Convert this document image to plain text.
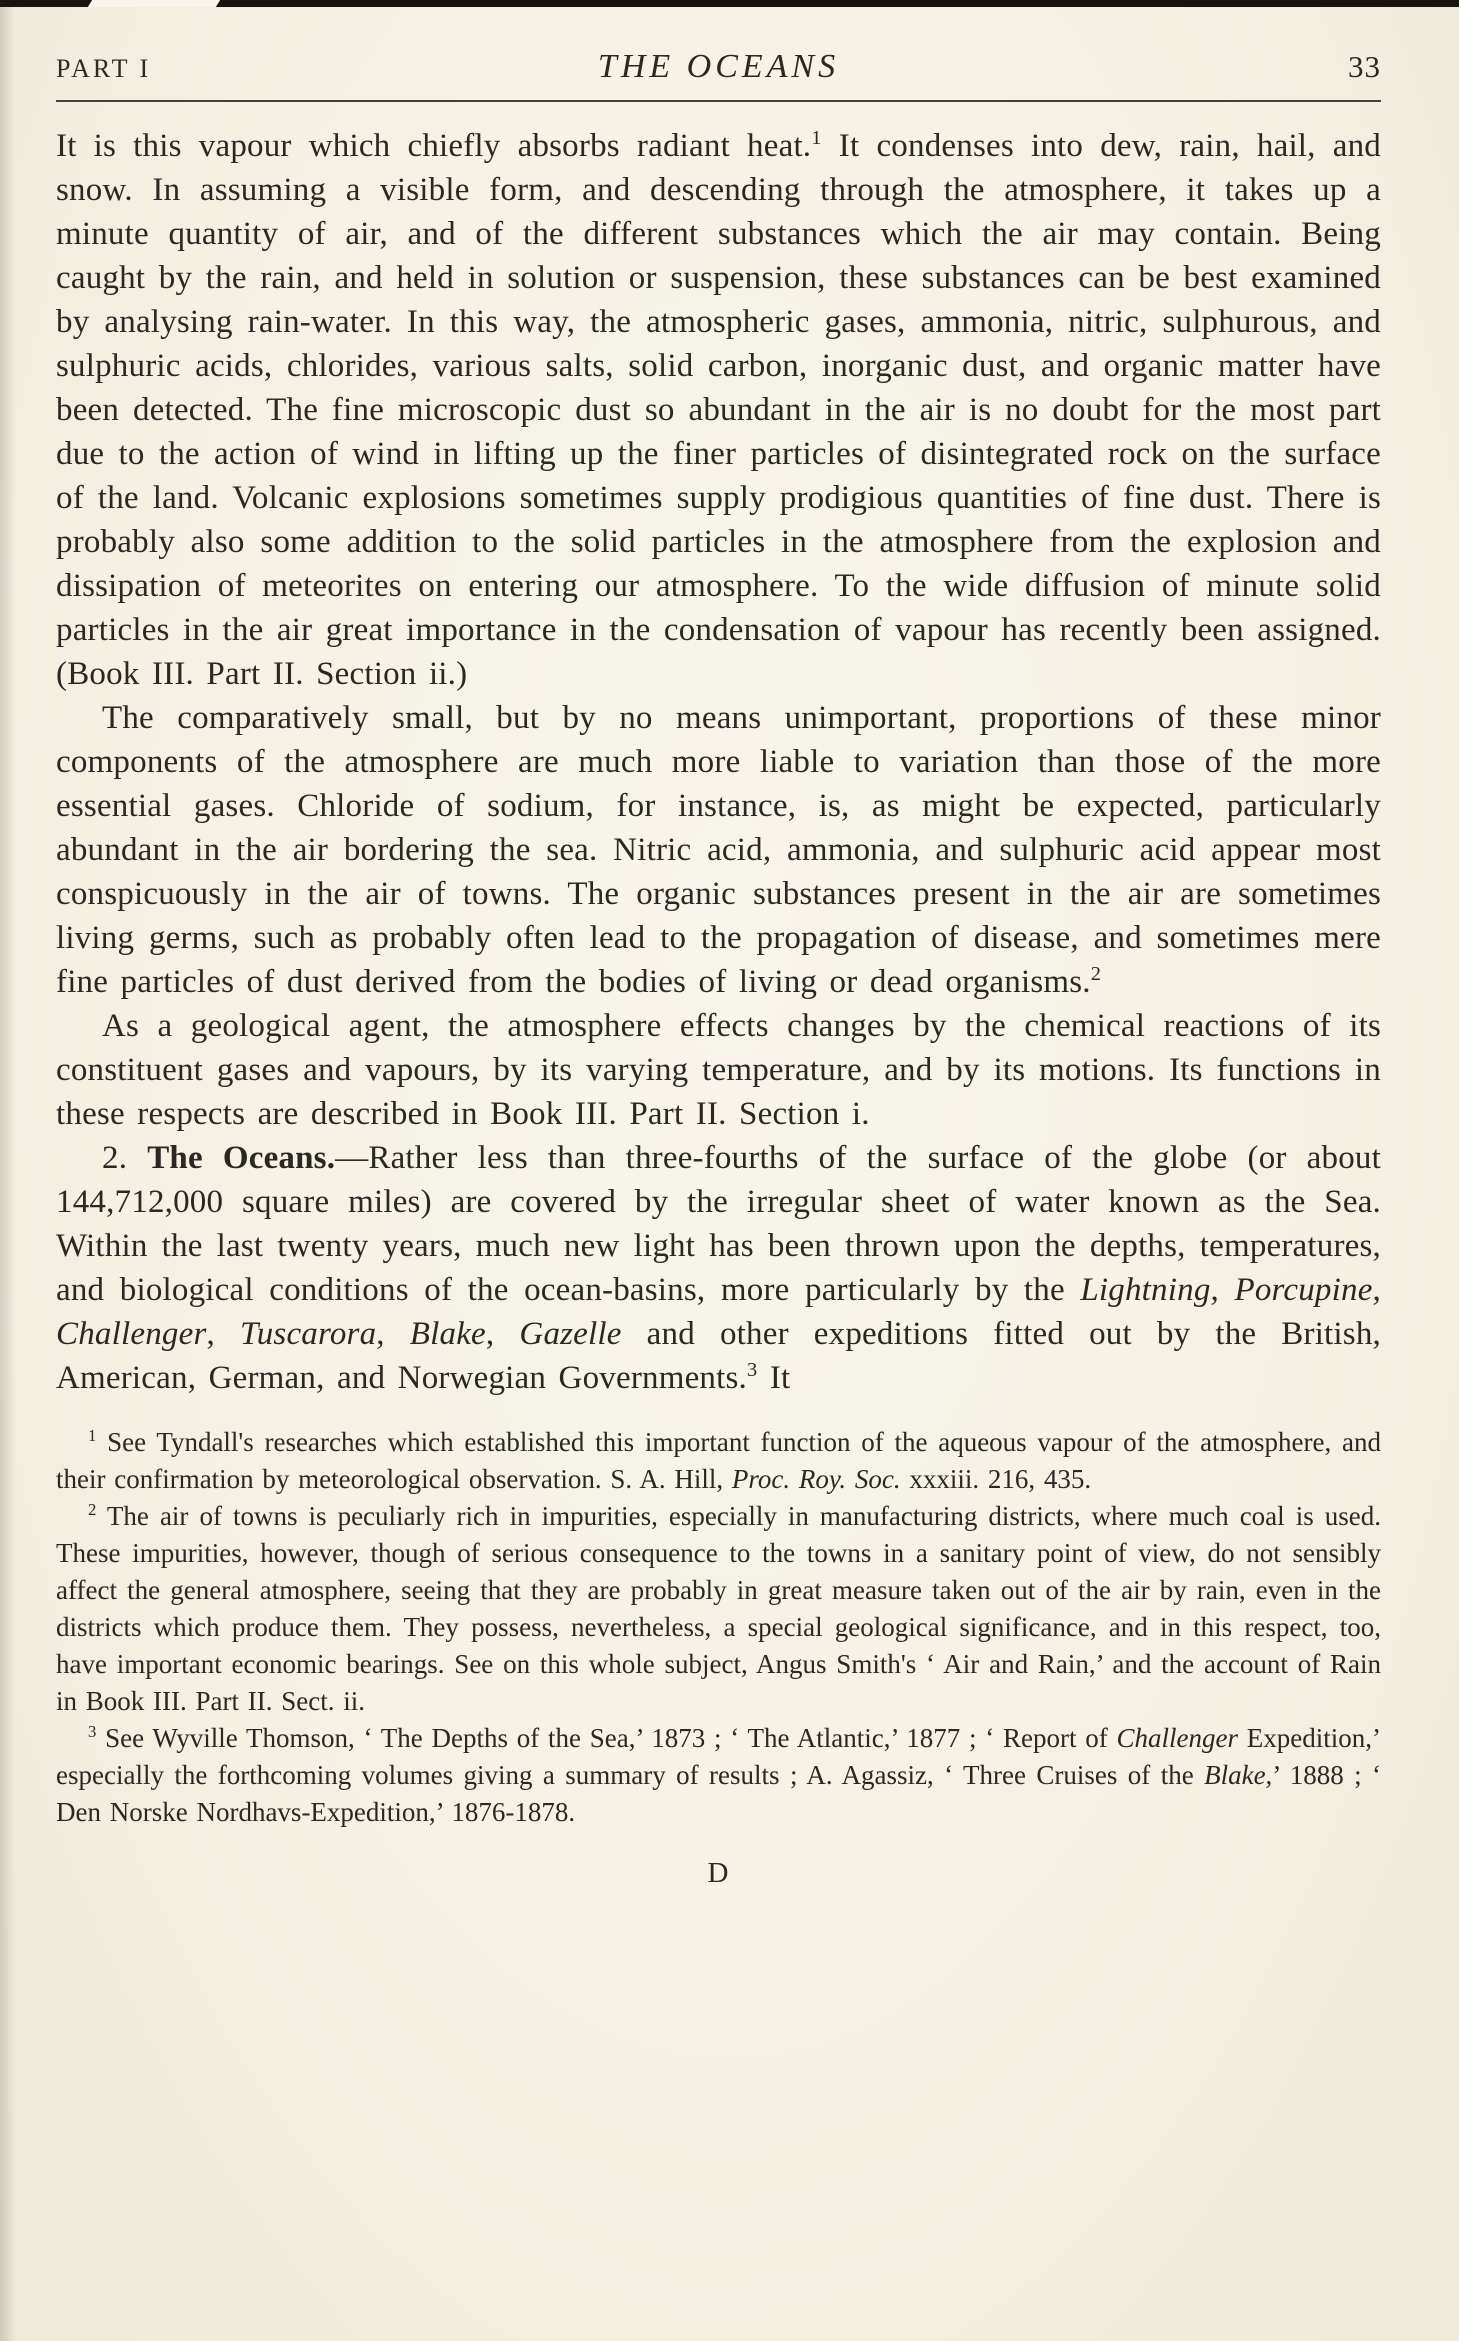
PART I	THE OCEANS	33

It is this vapour which chiefly absorbs radiant heat.$^1$ It condenses into dew, rain, hail, and snow. In assuming a visible form, and descending through the atmosphere, it takes up a minute quantity of air, and of the different substances which the air may contain. Being caught by the rain, and held in solution or suspension, these substances can be best examined by analysing rain-water. In this way, the atmospheric gases, ammonia, nitric, sulphurous, and sulphuric acids, chlorides, various salts, solid carbon, inorganic dust, and organic matter have been detected. The fine microscopic dust so abundant in the air is no doubt for the most part due to the action of wind in lifting up the finer particles of disintegrated rock on the surface of the land. Volcanic explosions sometimes supply prodigious quantities of fine dust. There is probably also some addition to the solid particles in the atmosphere from the explosion and dissipation of meteorites on entering our atmosphere. To the wide diffusion of minute solid particles in the air great importance in the condensation of vapour has recently been assigned. (Book III. Part II. Section ii.)

The comparatively small, but by no means unimportant, proportions of these minor components of the atmosphere are much more liable to variation than those of the more essential gases. Chloride of sodium, for instance, is, as might be expected, particularly abundant in the air bordering the sea. Nitric acid, ammonia, and sulphuric acid appear most conspicuously in the air of towns. The organic substances present in the air are sometimes living germs, such as probably often lead to the propagation of disease, and sometimes mere fine particles of dust derived from the bodies of living or dead organisms.$^2$

As a geological agent, the atmosphere effects changes by the chemical reactions of its constituent gases and vapours, by its varying temperature, and by its motions. Its functions in these respects are described in Book III. Part II. Section i.

2. The Oceans.—Rather less than three-fourths of the surface of the globe (or about 144,712,000 square miles) are covered by the irregular sheet of water known as the Sea. Within the last twenty years, much new light has been thrown upon the depths, temperatures, and biological conditions of the ocean-basins, more particularly by the Lightning, Porcupine, Challenger, Tuscarora, Blake, Gazelle and other expeditions fitted out by the British, American, German, and Norwegian Governments.$^3$ It

$^1$ See Tyndall's researches which established this important function of the aqueous vapour of the atmosphere, and their confirmation by meteorological observation. S. A. Hill, Proc. Roy. Soc. xxxiii. 216, 435.

$^2$ The air of towns is peculiarly rich in impurities, especially in manufacturing districts, where much coal is used. These impurities, however, though of serious consequence to the towns in a sanitary point of view, do not sensibly affect the general atmosphere, seeing that they are probably in great measure taken out of the air by rain, even in the districts which produce them. They possess, nevertheless, a special geological significance, and in this respect, too, have important economic bearings. See on this whole subject, Angus Smith's ‘ Air and Rain,’ and the account of Rain in Book III. Part II. Sect. ii.

$^3$ See Wyville Thomson, ‘ The Depths of the Sea,’ 1873 ; ‘ The Atlantic,’ 1877 ; ‘ Report of Challenger Expedition,’ especially the forthcoming volumes giving a summary of results ; A. Agassiz, ‘ Three Cruises of the Blake,’ 1888 ; ‘ Den Norske Nordhavs-Expedition,’ 1876-1878.

D
